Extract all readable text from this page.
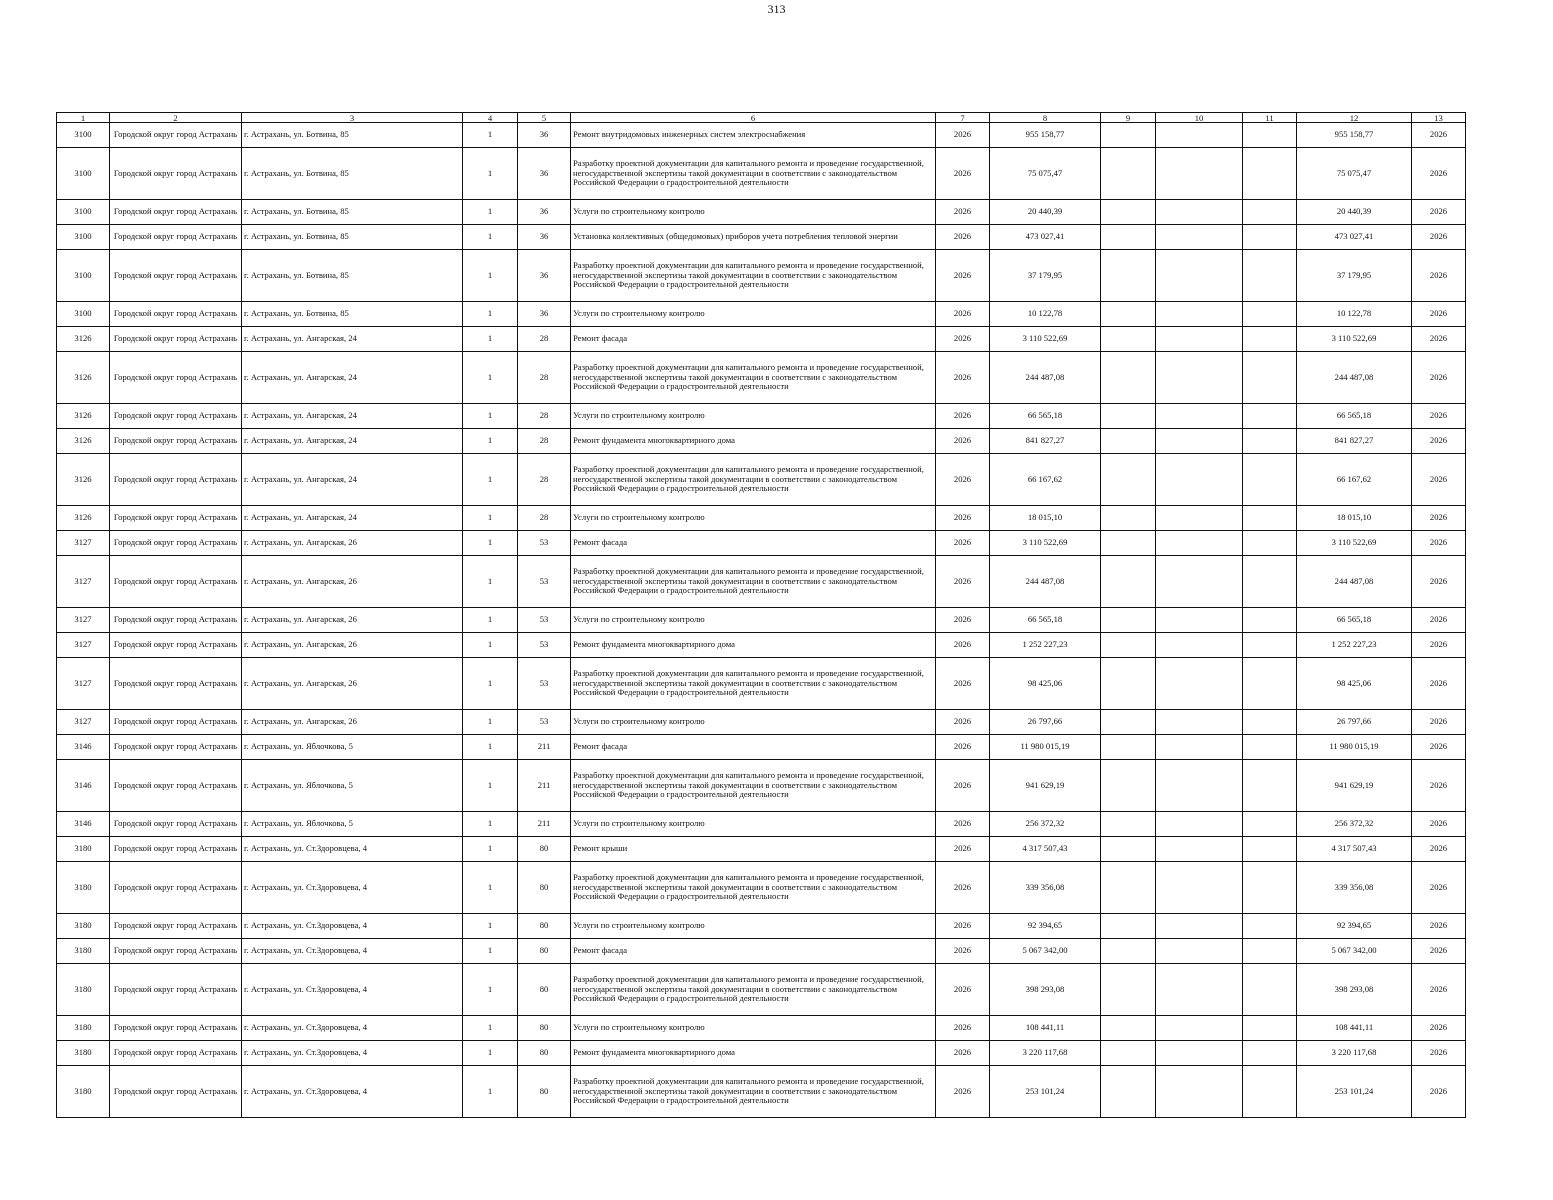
313
1	2	3	4	5	6	7	8	9	10	11	12	13
3100	Городской округ город Астрахань	г. Астрахань, ул. Ботвина, 85	1	36	Ремонт внутридомовых инженерных систем электроснабжения	2026	955 158,77				955 158,77	2026
3100	Городской округ город Астрахань	г. Астрахань, ул. Ботвина, 85	1	36	Разработку проектной документации для капитального ремонта и проведение государственной, негосударственной экспертизы такой документации в соответствии с законодательством Российской Федерации о градостроительной деятельности	2026	75 075,47				75 075,47	2026
3100	Городской округ город Астрахань	г. Астрахань, ул. Ботвина, 85	1	36	Услуги по строительному контролю	2026	20 440,39				20 440,39	2026
3100	Городской округ город Астрахань	г. Астрахань, ул. Ботвина, 85	1	36	Установка коллективных (общедомовых) приборов учета потребления тепловой энергии	2026	473 027,41				473 027,41	2026
3100	Городской округ город Астрахань	г. Астрахань, ул. Ботвина, 85	1	36	Разработку проектной документации для капитального ремонта и проведение государственной, негосударственной экспертизы такой документации в соответствии с законодательством Российской Федерации о градостроительной деятельности	2026	37 179,95				37 179,95	2026
3100	Городской округ город Астрахань	г. Астрахань, ул. Ботвина, 85	1	36	Услуги по строительному контролю	2026	10 122,78				10 122,78	2026
3126	Городской округ город Астрахань	г. Астрахань, ул. Ангарская, 24	1	28	Ремонт фасада	2026	3 110 522,69				3 110 522,69	2026
3126	Городской округ город Астрахань	г. Астрахань, ул. Ангарская, 24	1	28	Разработку проектной документации для капитального ремонта и проведение государственной, негосударственной экспертизы такой документации в соответствии с законодательством Российской Федерации о градостроительной деятельности	2026	244 487,08				244 487,08	2026
3126	Городской округ город Астрахань	г. Астрахань, ул. Ангарская, 24	1	28	Услуги по строительному контролю	2026	66 565,18				66 565,18	2026
3126	Городской округ город Астрахань	г. Астрахань, ул. Ангарская, 24	1	28	Ремонт фундамента многоквартирного дома	2026	841 827,27				841 827,27	2026
3126	Городской округ город Астрахань	г. Астрахань, ул. Ангарская, 24	1	28	Разработку проектной документации для капитального ремонта и проведение государственной, негосударственной экспертизы такой документации в соответствии с законодательством Российской Федерации о градостроительной деятельности	2026	66 167,62				66 167,62	2026
3126	Городской округ город Астрахань	г. Астрахань, ул. Ангарская, 24	1	28	Услуги по строительному контролю	2026	18 015,10				18 015,10	2026
3127	Городской округ город Астрахань	г. Астрахань, ул. Ангарская, 26	1	53	Ремонт фасада	2026	3 110 522,69				3 110 522,69	2026
3127	Городской округ город Астрахань	г. Астрахань, ул. Ангарская, 26	1	53	Разработку проектной документации для капитального ремонта и проведение государственной, негосударственной экспертизы такой документации в соответствии с законодательством Российской Федерации о градостроительной деятельности	2026	244 487,08				244 487,08	2026
3127	Городской округ город Астрахань	г. Астрахань, ул. Ангарская, 26	1	53	Услуги по строительному контролю	2026	66 565,18				66 565,18	2026
3127	Городской округ город Астрахань	г. Астрахань, ул. Ангарская, 26	1	53	Ремонт фундамента многоквартирного дома	2026	1 252 227,23				1 252 227,23	2026
3127	Городской округ город Астрахань	г. Астрахань, ул. Ангарская, 26	1	53	Разработку проектной документации для капитального ремонта и проведение государственной, негосударственной экспертизы такой документации в соответствии с законодательством Российской Федерации о градостроительной деятельности	2026	98 425,06				98 425,06	2026
3127	Городской округ город Астрахань	г. Астрахань, ул. Ангарская, 26	1	53	Услуги по строительному контролю	2026	26 797,66				26 797,66	2026
3146	Городской округ город Астрахань	г. Астрахань, ул. Яблочкова, 5	1	211	Ремонт фасада	2026	11 980 015,19				11 980 015,19	2026
3146	Городской округ город Астрахань	г. Астрахань, ул. Яблочкова, 5	1	211	Разработку проектной документации для капитального ремонта и проведение государственной, негосударственной экспертизы такой документации в соответствии с законодательством Российской Федерации о градостроительной деятельности	2026	941 629,19				941 629,19	2026
3146	Городской округ город Астрахань	г. Астрахань, ул. Яблочкова, 5	1	211	Услуги по строительному контролю	2026	256 372,32				256 372,32	2026
3180	Городской округ город Астрахань	г. Астрахань, ул. Ст.Здоровцева, 4	1	80	Ремонт крыши	2026	4 317 507,43				4 317 507,43	2026
3180	Городской округ город Астрахань	г. Астрахань, ул. Ст.Здоровцева, 4	1	80	Разработку проектной документации для капитального ремонта и проведение государственной, негосударственной экспертизы такой документации в соответствии с законодательством Российской Федерации о градостроительной деятельности	2026	339 356,08				339 356,08	2026
3180	Городской округ город Астрахань	г. Астрахань, ул. Ст.Здоровцева, 4	1	80	Услуги по строительному контролю	2026	92 394,65				92 394,65	2026
3180	Городской округ город Астрахань	г. Астрахань, ул. Ст.Здоровцева, 4	1	80	Ремонт фасада	2026	5 067 342,00				5 067 342,00	2026
3180	Городской округ город Астрахань	г. Астрахань, ул. Ст.Здоровцева, 4	1	80	Разработку проектной документации для капитального ремонта и проведение государственной, негосударственной экспертизы такой документации в соответствии с законодательством Российской Федерации о градостроительной деятельности	2026	398 293,08				398 293,08	2026
3180	Городской округ город Астрахань	г. Астрахань, ул. Ст.Здоровцева, 4	1	80	Услуги по строительному контролю	2026	108 441,11				108 441,11	2026
3180	Городской округ город Астрахань	г. Астрахань, ул. Ст.Здоровцева, 4	1	80	Ремонт фундамента многоквартирного дома	2026	3 220 117,68				3 220 117,68	2026
3180	Городской округ город Астрахань	г. Астрахань, ул. Ст.Здоровцева, 4	1	80	Разработку проектной документации для капитального ремонта и проведение государственной, негосударственной экспертизы такой документации в соответствии с законодательством Российской Федерации о градостроительной деятельности	2026	253 101,24				253 101,24	2026
